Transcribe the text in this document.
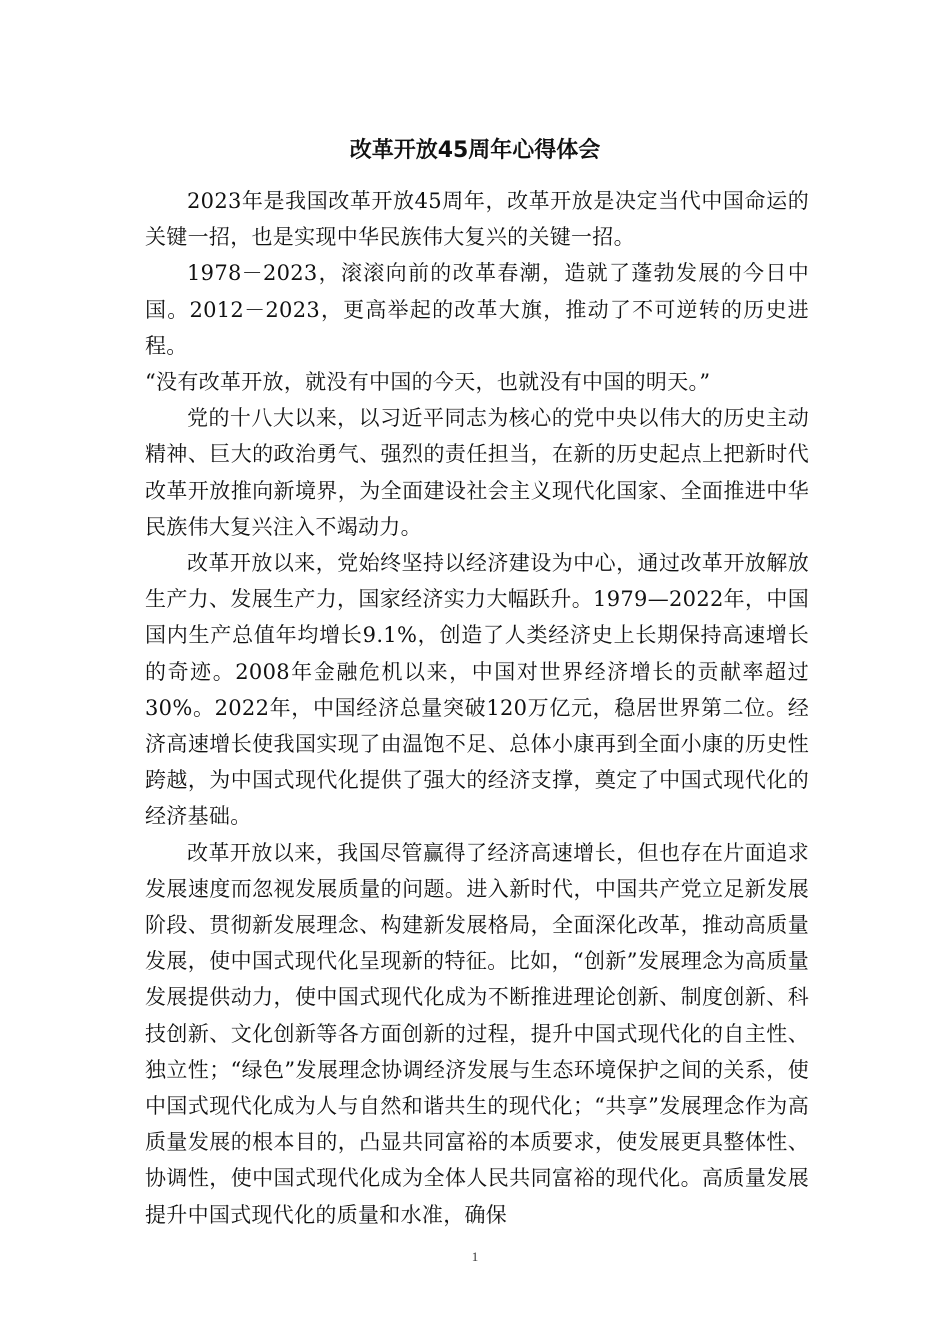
改革开放45周年心得体会

2023年是我国改革开放45周年，改革开放是决定当代中国命运的关键一招，也是实现中华民族伟大复兴的关键一招。

1978－2023，滚滚向前的改革春潮，造就了蓬勃发展的今日中国。2012－2023，更高举起的改革大旗，推动了不可逆转的历史进程。

“没有改革开放，就没有中国的今天，也就没有中国的明天。”

党的十八大以来，以习近平同志为核心的党中央以伟大的历史主动精神、巨大的政治勇气、强烈的责任担当，在新的历史起点上把新时代改革开放推向新境界，为全面建设社会主义现代化国家、全面推进中华民族伟大复兴注入不竭动力。

改革开放以来，党始终坚持以经济建设为中心，通过改革开放解放生产力、发展生产力，国家经济实力大幅跃升。1979—2022年，中国国内生产总值年均增长9.1%，创造了人类经济史上长期保持高速增长的奇迹。2008年金融危机以来，中国对世界经济增长的贡献率超过30%。2022年，中国经济总量突破120万亿元，稳居世界第二位。经济高速增长使我国实现了由温饱不足、总体小康再到全面小康的历史性跨越，为中国式现代化提供了强大的经济支撑，奠定了中国式现代化的经济基础。

改革开放以来，我国尽管赢得了经济高速增长，但也存在片面追求发展速度而忽视发展质量的问题。进入新时代，中国共产党立足新发展阶段、贯彻新发展理念、构建新发展格局，全面深化改革，推动高质量发展，使中国式现代化呈现新的特征。比如，“创新”发展理念为高质量发展提供动力，使中国式现代化成为不断推进理论创新、制度创新、科技创新、文化创新等各方面创新的过程，提升中国式现代化的自主性、独立性；“绿色”发展理念协调经济发展与生态环境保护之间的关系，使中国式现代化成为人与自然和谐共生的现代化；“共享”发展理念作为高质量发展的根本目的，凸显共同富裕的本质要求，使发展更具整体性、协调性，使中国式现代化成为全体人民共同富裕的现代化。高质量发展提升中国式现代化的质量和水准，确保

1
